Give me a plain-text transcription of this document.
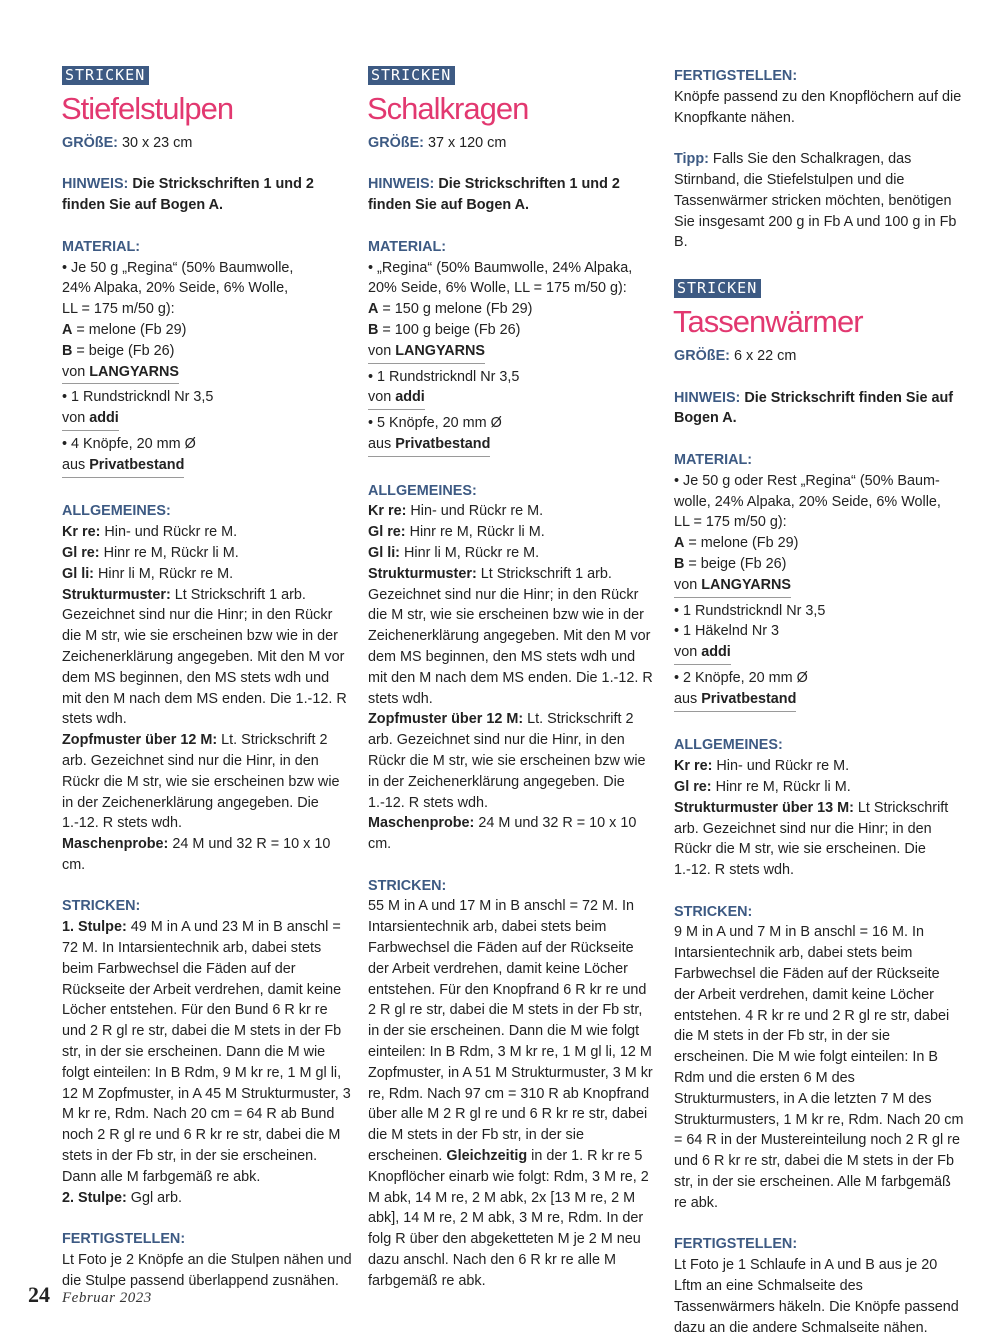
STRICKEN
Stiefelstulpen

GRÖßE: 30 x 23 cm

HINWEIS: Die Strickschriften 1 und 2 finden Sie auf Bogen A.

MATERIAL:

• Je 50 g „Regina“ (50% Baumwolle,

24% Alpaka, 20% Seide, 6% Wolle,

LL = 175 m/50 g):

A = melone (Fb 29)

B = beige (Fb 26)

von LANGYARNS

• 1 Rundstrickndl Nr 3,5

von addi

• 4 Knöpfe, 20 mm Ø

aus Privatbestand

ALLGEMEINES:

Kr re: Hin- und Rückr re M.

Gl re: Hinr re M, Rückr li M.

Gl li: Hinr li M, Rückr re M.

Strukturmuster: Lt Strickschrift 1 arb. Gezeichnet sind nur die Hinr; in den Rückr die M str, wie sie erscheinen bzw wie in der Zeichenerklärung angegeben. Mit den M vor dem MS beginnen, den MS stets wdh und mit den M nach dem MS enden. Die 1.-12. R stets wdh.

Zopfmuster über 12 M: Lt. Strickschrift 2 arb. Gezeichnet sind nur die Hinr, in den Rückr die M str, wie sie erscheinen bzw wie in der Zeichenerklärung angegeben. Die 1.-12. R stets wdh.

Maschenprobe: 24 M und 32 R = 10 x 10 cm.

STRICKEN:

1. Stulpe: 49 M in A und 23 M in B anschl = 72 M. In Intarsientechnik arb, dabei stets beim Farbwechsel die Fäden auf der Rückseite der Arbeit verdrehen, damit keine Löcher entstehen. Für den Bund 6 R kr re und 2 R gl re str, dabei die M stets in der Fb str, in der sie erscheinen. Dann die M wie folgt einteilen: In B Rdm, 9 M kr re, 1 M gl li, 12 M Zopfmuster, in A 45 M Strukturmuster, 3 M kr re, Rdm. Nach 20 cm = 64 R ab Bund noch 2 R gl re und 6 R kr re str, dabei die M stets in der Fb str, in der sie erscheinen. Dann alle M farbgemäß re abk.

2. Stulpe: Ggl arb.

FERTIGSTELLEN:

Lt Foto je 2 Knöpfe an die Stulpen nähen und die Stulpe passend überlappend zusnähen.

STRICKEN
Schalkragen

GRÖßE: 37 x 120 cm

HINWEIS: Die Strickschriften 1 und 2 finden Sie auf Bogen A.

MATERIAL:

• „Regina“ (50% Baumwolle, 24% Alpaka,

20% Seide, 6% Wolle, LL = 175 m/50 g):

A = 150 g melone (Fb 29)

B = 100 g beige (Fb 26)

von LANGYARNS

• 1 Rundstrickndl Nr 3,5

von addi

• 5 Knöpfe, 20 mm Ø

aus Privatbestand

ALLGEMEINES:

Kr re: Hin- und Rückr re M.

Gl re: Hinr re M, Rückr li M.

Gl li: Hinr li M, Rückr re M.

Strukturmuster: Lt Strickschrift 1 arb. Gezeichnet sind nur die Hinr; in den Rückr die M str, wie sie erscheinen bzw wie in der Zeichenerklärung angegeben. Mit den M vor dem MS beginnen, den MS stets wdh und mit den M nach dem MS enden. Die 1.-12. R stets wdh.

Zopfmuster über 12 M: Lt. Strickschrift 2 arb. Gezeichnet sind nur die Hinr, in den Rückr die M str, wie sie erscheinen bzw wie in der Zeichenerklärung angegeben. Die 1.-12. R stets wdh.

Maschenprobe: 24 M und 32 R = 10 x 10 cm.

STRICKEN:

55 M in A und 17 M in B anschl = 72 M. In Intarsientechnik arb, dabei stets beim Farbwechsel die Fäden auf der Rückseite der Arbeit verdrehen, damit keine Löcher entstehen. Für den Knopfrand 6 R kr re und 2 R gl re str, dabei die M stets in der Fb str, in der sie erscheinen. Dann die M wie folgt einteilen: In B Rdm, 3 M kr re, 1 M gl li, 12 M Zopfmuster, in A 51 M Strukturmuster, 3 M kr re, Rdm. Nach 97 cm = 310 R ab Knopfrand über alle M 2 R gl re und 6 R kr re str, dabei die M stets in der Fb str, in der sie erscheinen. Gleichzeitig in der 1. R kr re 5 Knopflöcher einarb wie folgt: Rdm, 3 M re, 2 M abk, 14 M re, 2 M abk, 2x [13 M re, 2 M abk], 14 M re, 2 M abk, 3 M re, Rdm. In der folg R über den abgeketteten M je 2 M neu dazu anschl. Nach den 6 R kr re alle M farbgemäß re abk.

FERTIGSTELLEN:

Knöpfe passend zu den Knopflöchern auf die Knopfkante nähen.

Tipp: Falls Sie den Schalkragen, das Stirnband, die Stiefelstulpen und die Tassenwärmer stricken möchten, benötigen Sie insgesamt 200 g in Fb A und 100 g in Fb B.

STRICKEN
Tassenwärmer

GRÖßE: 6 x 22 cm

HINWEIS: Die Strickschrift finden Sie auf Bogen A.

MATERIAL:

• Je 50 g oder Rest „Regina“ (50% Baum-

wolle, 24% Alpaka, 20% Seide, 6% Wolle,

LL = 175 m/50 g):

A = melone (Fb 29)

B = beige (Fb 26)

von LANGYARNS

• 1 Rundstrickndl Nr 3,5

• 1 Häkelnd Nr 3

von addi

• 2 Knöpfe, 20 mm Ø

aus Privatbestand

ALLGEMEINES:

Kr re: Hin- und Rückr re M.

Gl re: Hinr re M, Rückr li M.

Strukturmuster über 13 M: Lt Strickschrift arb. Gezeichnet sind nur die Hinr; in den Rückr die M str, wie sie erscheinen. Die 1.-12. R stets wdh.

STRICKEN:

9 M in A und 7 M in B anschl = 16 M. In Intarsientechnik arb, dabei stets beim Farbwechsel die Fäden auf der Rückseite der Arbeit verdrehen, damit keine Löcher entstehen. 4 R kr re und 2 R gl re str, dabei die M stets in der Fb str, in der sie erscheinen. Die M wie folgt einteilen: In B Rdm und die ersten 6 M des Strukturmusters, in A die letzten 7 M des Strukturmusters, 1 M kr re, Rdm. Nach 20 cm = 64 R in der Mustereinteilung noch 2 R gl re und 6 R kr re str, dabei die M stets in der Fb str, in der sie erscheinen. Alle M farbgemäß re abk.

FERTIGSTELLEN:

Lt Foto je 1 Schlaufe in A und B aus je 20 Lftm an eine Schmalseite des Tassenwärmers häkeln. Die Knöpfe passend dazu an die andere Schmalseite nähen.

24 Februar 2023
